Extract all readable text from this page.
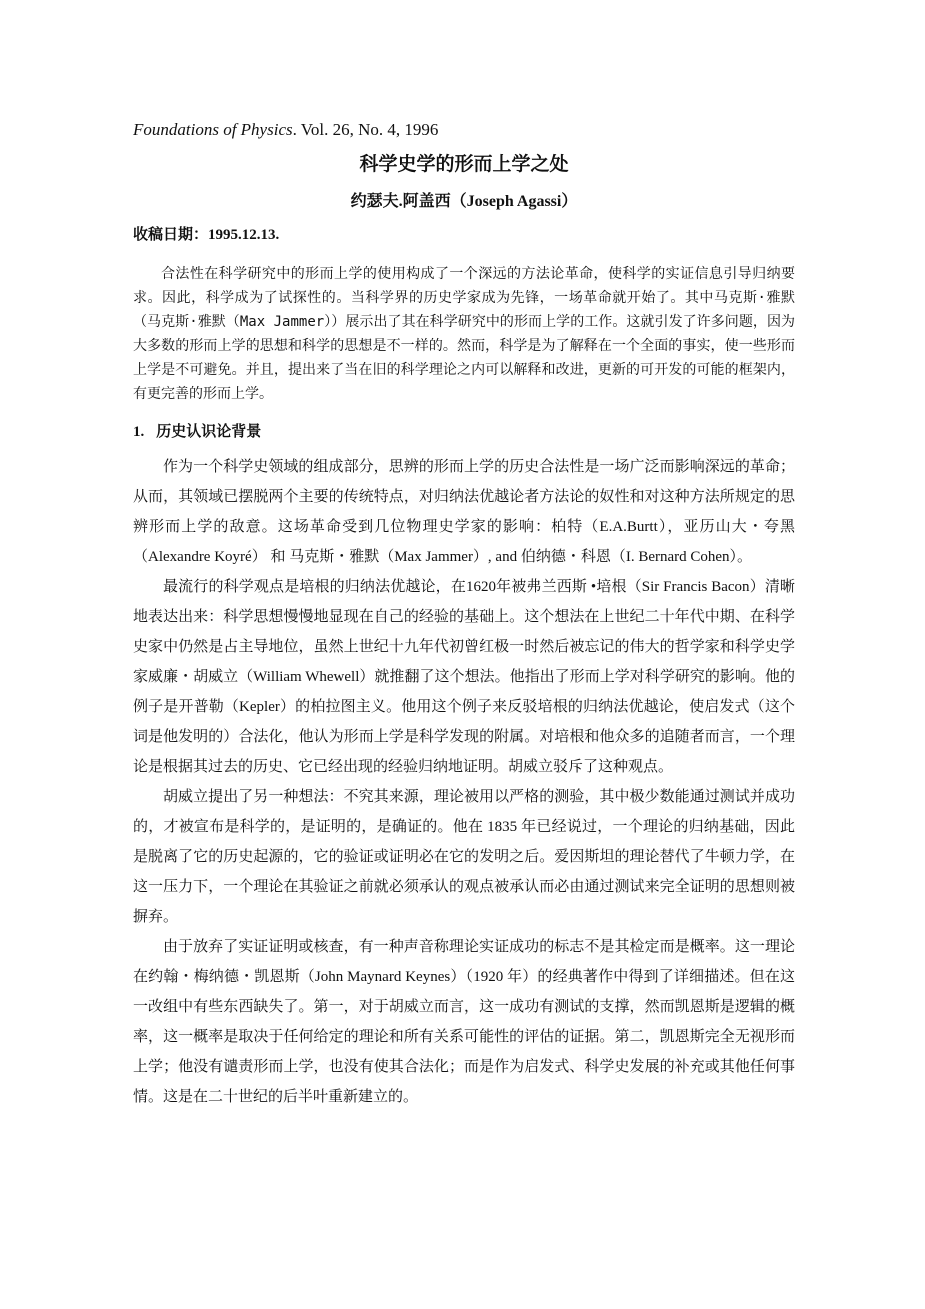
Foundations of Physics. Vol. 26, No. 4, 1996
科学史学的形而上学之处
约瑟夫.阿盖西（Joseph Agassi）
收稿日期：1995.12.13.

合法性在科学研究中的形而上学的使用构成了一个深远的方法论革命，使科学的实证信息引导归纳要求。因此，科学成为了试探性的。当科学界的历史学家成为先锋，一场革命就开始了。其中马克斯·雅默（马克斯·雅默（Max Jammer））展示出了其在科学研究中的形而上学的工作。这就引发了许多问题，因为大多数的形而上学的思想和科学的思想是不一样的。然而，科学是为了解释在一个全面的事实，使一些形而上学是不可避免。并且，提出来了当在旧的科学理论之内可以解释和改进，更新的可开发的可能的框架内，有更完善的形而上学。

1. 历史认识论背景

作为一个科学史领域的组成部分，思辨的形而上学的历史合法性是一场广泛而影响深远的革命；从而，其领域已摆脱两个主要的传统特点，对归纳法优越论者方法论的奴性和对这种方法所规定的思辨形而上学的敌意。这场革命受到几位物理史学家的影响：柏特（E.A.Burtt），亚历山大・夸黑（Alexandre Koyré） 和 马克斯・雅默（Max Jammer）, and 伯纳德・科恩（I. Bernard Cohen）。

最流行的科学观点是培根的归纳法优越论，在1620年被弗兰西斯 •培根（Sir Francis Bacon）清晰地表达出来：科学思想慢慢地显现在自己的经验的基础上。这个想法在上世纪二十年代中期、在科学史家中仍然是占主导地位，虽然上世纪十九年代初曾红极一时然后被忘记的伟大的哲学家和科学史学家威廉・胡威立（William Whewell）就推翻了这个想法。他指出了形而上学对科学研究的影响。他的例子是开普勒（Kepler）的柏拉图主义。他用这个例子来反驳培根的归纳法优越论，使启发式（这个词是他发明的）合法化，他认为形而上学是科学发现的附属。对培根和他众多的追随者而言，一个理论是根据其过去的历史、它已经出现的经验归纳地证明。胡威立驳斥了这种观点。

胡威立提出了另一种想法：不究其来源，理论被用以严格的测验，其中极少数能通过测试并成功的，才被宣布是科学的，是证明的，是确证的。他在 1835 年已经说过，一个理论的归纳基础，因此是脱离了它的历史起源的，它的验证或证明必在它的发明之后。爱因斯坦的理论替代了牛顿力学，在这一压力下，一个理论在其验证之前就必须承认的观点被承认而必由通过测试来完全证明的思想则被摒弃。

由于放弃了实证证明或核查，有一种声音称理论实证成功的标志不是其检定而是概率。这一理论在约翰・梅纳德・凯恩斯（John Maynard Keynes）（1920 年）的经典著作中得到了详细描述。但在这一改组中有些东西缺失了。第一，对于胡威立而言，这一成功有测试的支撑，然而凯恩斯是逻辑的概率，这一概率是取决于任何给定的理论和所有关系可能性的评估的证据。第二，凯恩斯完全无视形而上学；他没有谴责形而上学，也没有使其合法化；而是作为启发式、科学史发展的补充或其他任何事情。这是在二十世纪的后半叶重新建立的。
